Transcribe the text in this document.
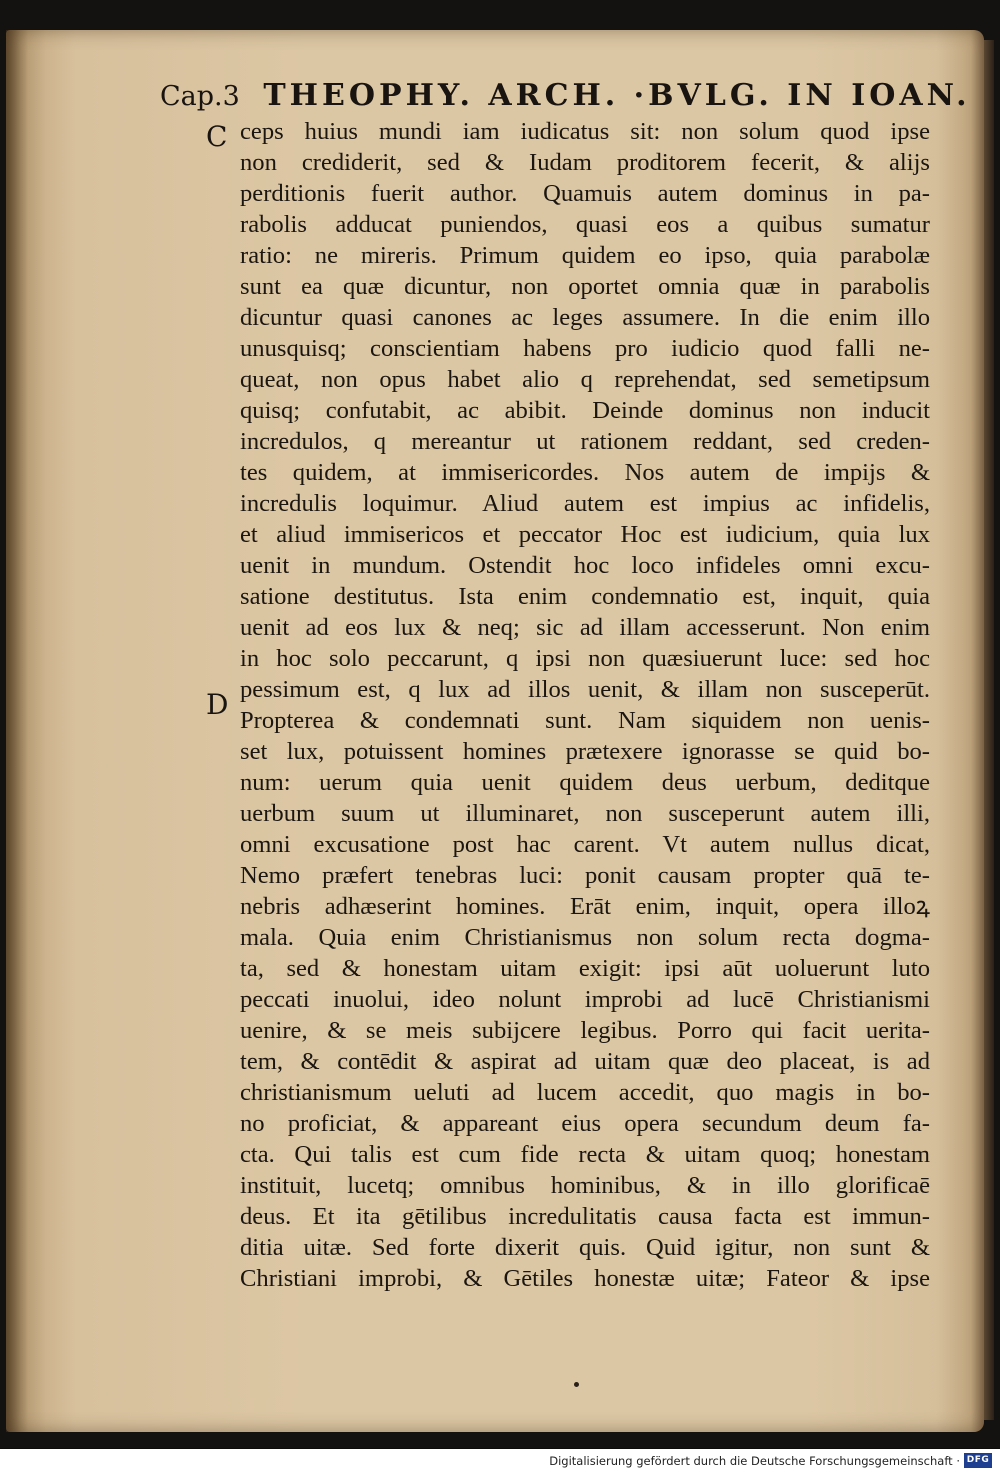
Cap.3 THEOPHY. ARCH. ·BVLG. IN IOAN.
C
D
ceps huius mundi iam iudicatus sit: non solum quod ipse
non crediderit, sed & Iudam proditorem fecerit, & alijs
perditionis fuerit author. Quamuis autem dominus in pa-
rabolis adducat puniendos, quasi eos a quibus sumatur
ratio: ne mireris. Primum quidem eo ipso, quia parabolæ
sunt ea quæ dicuntur, non oportet omnia quæ in parabolis
dicuntur quasi canones ac leges assumere. In die enim illo
unusquisq; conscientiam habens pro iudicio quod falli ne-
queat, non opus habet alio q reprehendat, sed semetipsum
quisq; confutabit, ac abibit. Deinde dominus non inducit
incredulos, q mereantur ut rationem reddant, sed creden-
tes quidem, at immisericordes. Nos autem de impijs &
incredulis loquimur. Aliud autem est impius ac infidelis,
et aliud immisericos et peccator Hoc est iudicium, quia lux
uenit in mundum. Ostendit hoc loco infideles omni excu-
satione destitutus. Ista enim condemnatio est, inquit, quia
uenit ad eos lux & neq; sic ad illam accesserunt. Non enim
in hoc solo peccarunt, q ipsi non quæsiuerunt luce: sed hoc
pessimum est, q lux ad illos uenit, & illam non susceperūt.
Propterea & condemnati sunt. Nam siquidem non uenis-
set lux, potuissent homines prætexere ignorasse se quid bo-
num: uerum quia uenit quidem deus uerbum, deditque
uerbum suum ut illuminaret, non susceperunt autem illi,
omni excusatione post hac carent. Vt autem nullus dicat,
Nemo præfert tenebras luci: ponit causam propter quā te-
nebris adhæserint homines. Erāt enim, inquit, opera illoꝝ
mala. Quia enim Christianismus non solum recta dogma-
ta, sed & honestam uitam exigit: ipsi aūt uoluerunt luto
peccati inuolui, ideo nolunt improbi ad lucē Christianismi
uenire, & se meis subijcere legibus. Porro qui facit uerita-
tem, & contēdit & aspirat ad uitam quæ deo placeat, is ad
christianismum ueluti ad lucem accedit, quo magis in bo-
no proficiat, & appareant eius opera secundum deum fa-
cta. Qui talis est cum fide recta & uitam quoq; honestam
instituit, lucetq; omnibus hominibus, & in illo glorificaē
deus. Et ita gētilibus incredulitatis causa facta est immun-
ditia uitæ. Sed forte dixerit quis. Quid igitur, non sunt &
Christiani improbi, & Gētiles honestæ uitæ; Fateor & ipse
Digitalisierung gefördert durch die Deutsche Forschungsgemeinschaft · DFG
